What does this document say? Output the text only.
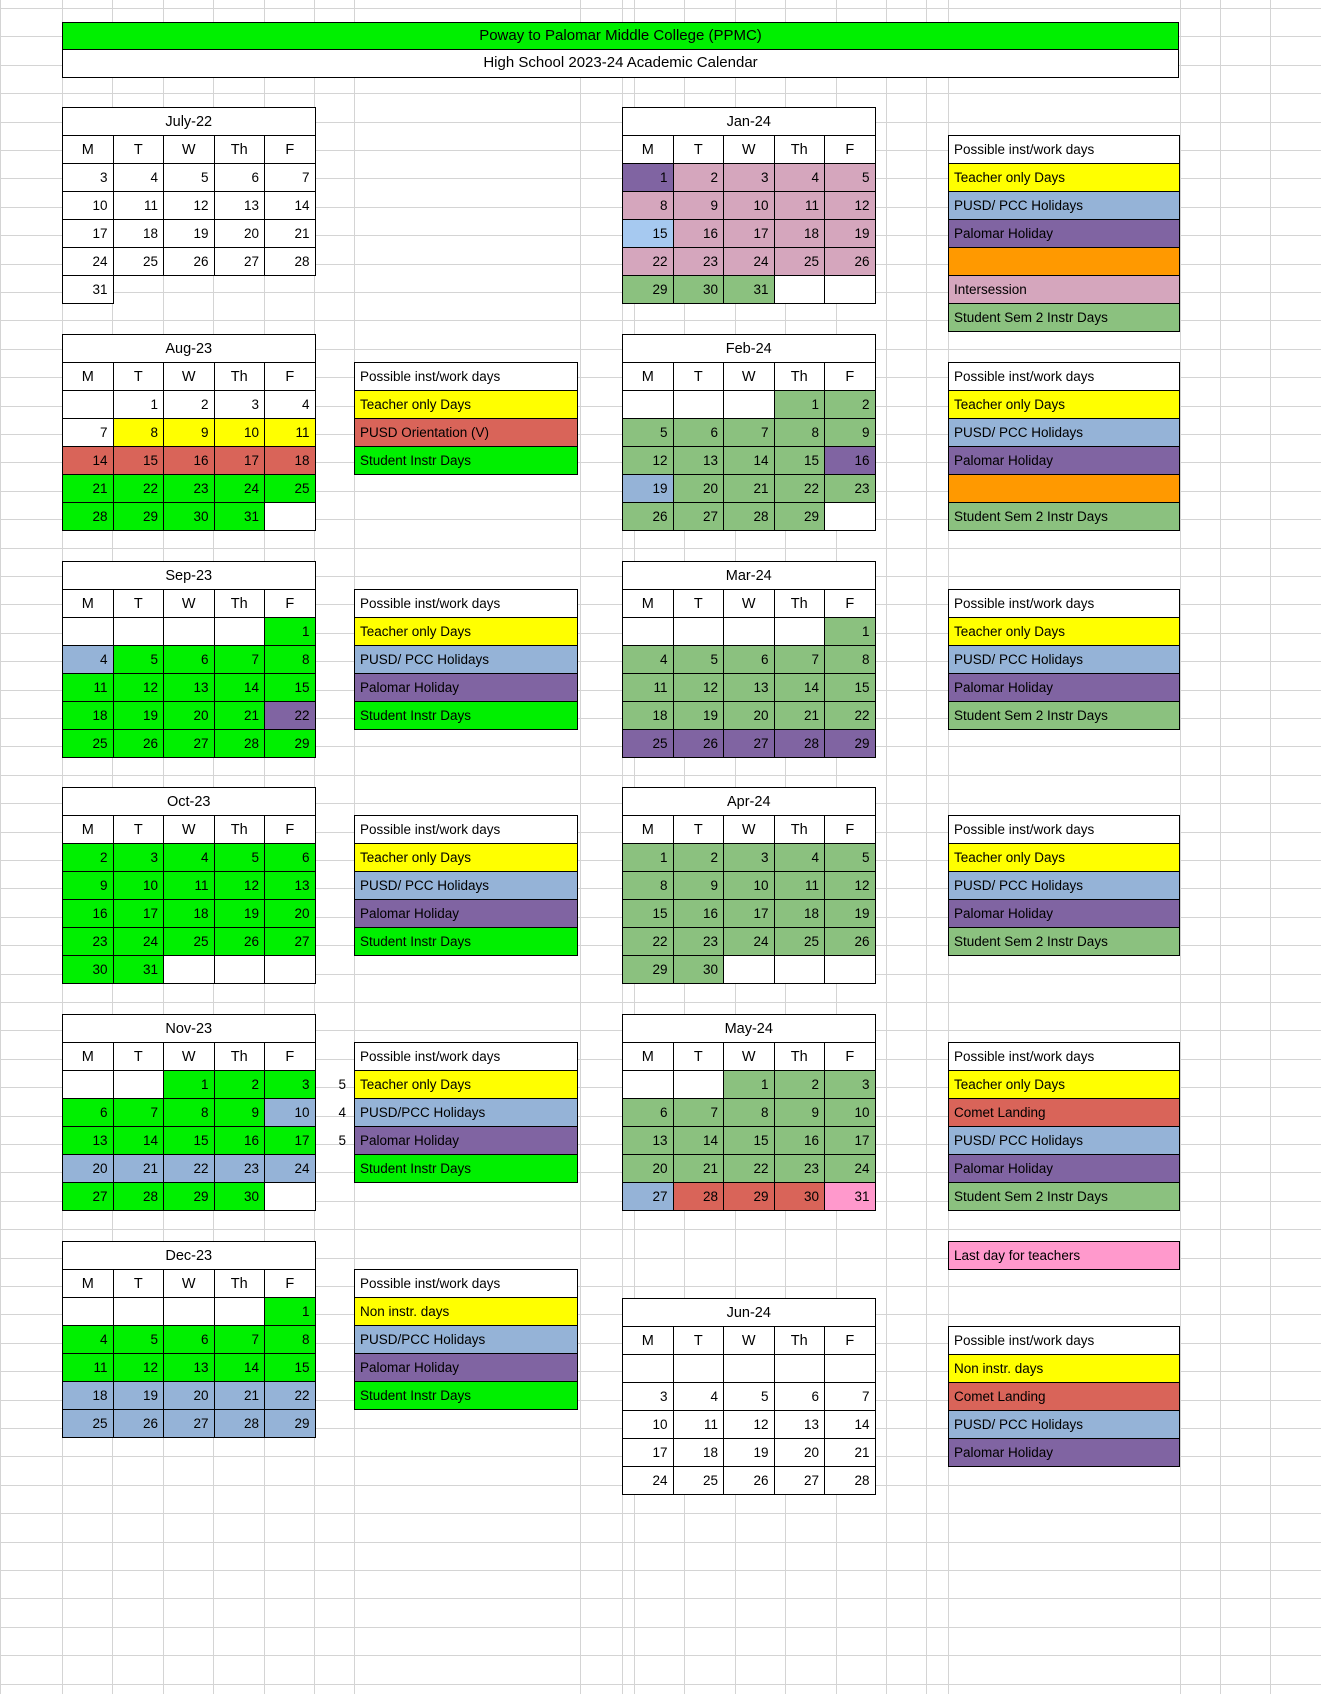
Poway to Palomar Middle College (PPMC)
High School 2023-24 Academic Calendar
July-22				
M	T	W	Th	F
3	4	5	6	7
10	11	12	13	14
17	18	19	20	21
24	25	26	27	28
31				
Aug-23				
M	T	W	Th	F
	1	2	3	4
7	8	9	10	11
14	15	16	17	18
21	22	23	24	25
28	29	30	31	
Sep-23				
M	T	W	Th	F
				1
4	5	6	7	8
11	12	13	14	15
18	19	20	21	22
25	26	27	28	29
Oct-23				
M	T	W	Th	F
2	3	4	5	6
9	10	11	12	13
16	17	18	19	20
23	24	25	26	27
30	31			
Nov-23				
M	T	W	Th	F
		1	2	3
6	7	8	9	10
13	14	15	16	17
20	21	22	23	24
27	28	29	30	
Dec-23				
M	T	W	Th	F
				1
4	5	6	7	8
11	12	13	14	15
18	19	20	21	22
25	26	27	28	29
Possible inst/work days
Teacher only Days
PUSD Orientation (V)
Student Instr Days
Possible inst/work days
Teacher only Days
PUSD/ PCC Holidays
Palomar Holiday
Student Instr Days
Possible inst/work days
Teacher only Days
PUSD/ PCC Holidays
Palomar Holiday
Student Instr Days
Possible inst/work days
Teacher only Days
PUSD/PCC Holidays
Palomar Holiday
Student Instr Days
Possible inst/work days
Non instr. days
PUSD/PCC Holidays
Palomar Holiday
Student Instr Days
5
4
5

Jan-24				
M	T	W	Th	F
1	2	3	4	5
8	9	10	11	12
15	16	17	18	19
22	23	24	25	26
29	30	31		
Feb-24				
M	T	W	Th	F
			1	2
5	6	7	8	9
12	13	14	15	16
19	20	21	22	23
26	27	28	29	
Mar-24				
M	T	W	Th	F
				1
4	5	6	7	8
11	12	13	14	15
18	19	20	21	22
25	26	27	28	29
Apr-24				
M	T	W	Th	F
1	2	3	4	5
8	9	10	11	12
15	16	17	18	19
22	23	24	25	26
29	30			
May-24				
M	T	W	Th	F
		1	2	3
6	7	8	9	10
13	14	15	16	17
20	21	22	23	24
27	28	29	30	31
Jun-24				
M	T	W	Th	F

3	4	5	6	7
10	11	12	13	14
17	18	19	20	21
24	25	26	27	28
Possible inst/work days
Teacher only Days
PUSD/ PCC Holidays
Palomar Holiday

Intersession
Student Sem 2 Instr Days
Possible inst/work days
Teacher only Days
PUSD/ PCC Holidays
Palomar Holiday

Student Sem 2 Instr Days
Possible inst/work days
Teacher only Days
PUSD/ PCC Holidays
Palomar Holiday
Student Sem 2 Instr Days
Possible inst/work days
Teacher only Days
PUSD/ PCC Holidays
Palomar Holiday
Student Sem 2 Instr Days
Possible inst/work days
Teacher only Days
Comet Landing
PUSD/ PCC Holidays
Palomar Holiday
Student Sem 2 Instr Days
Last day for teachers
Possible inst/work days
Non instr. days
Comet Landing
PUSD/ PCC Holidays
Palomar Holiday
